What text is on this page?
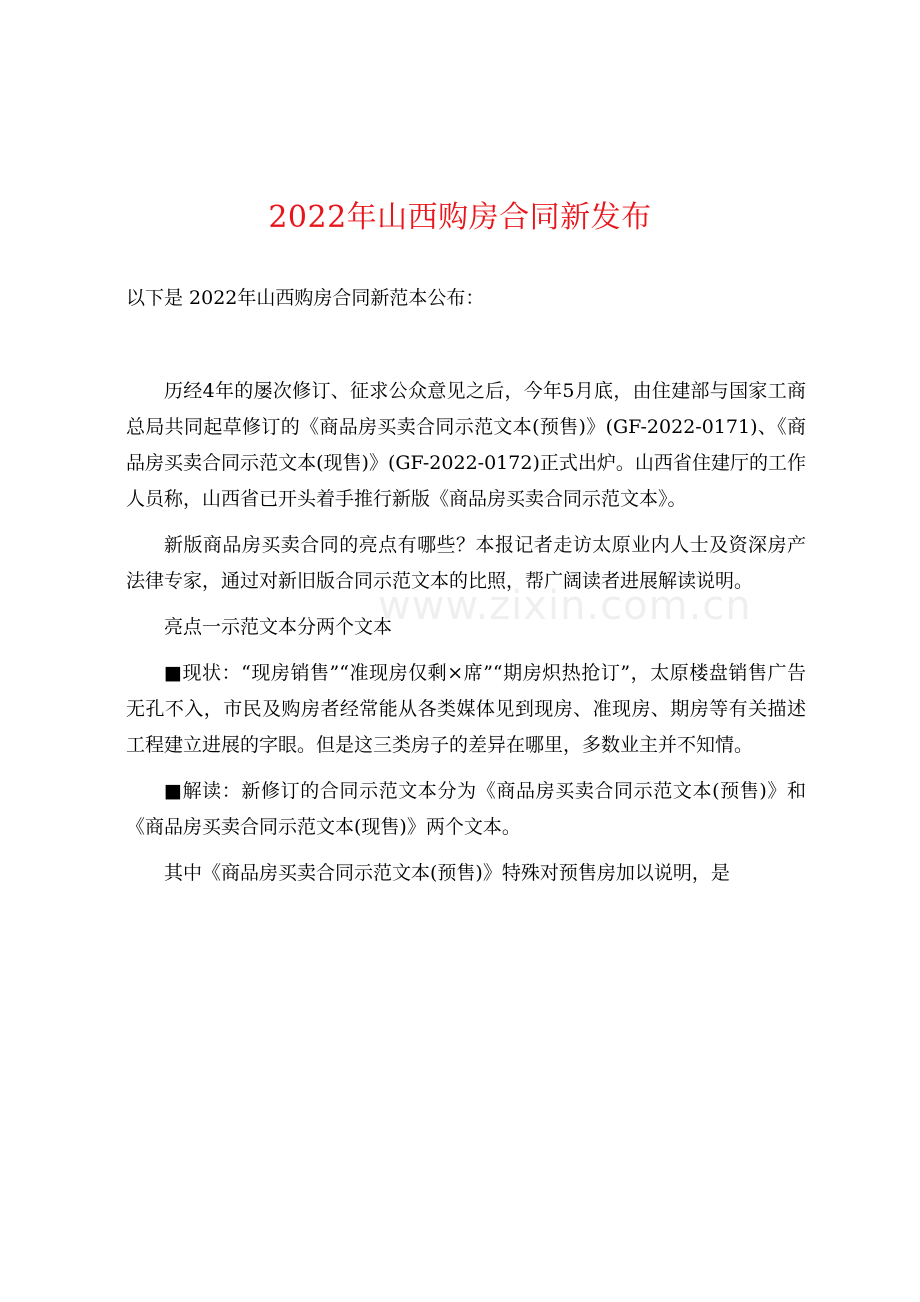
2022年山西购房合同新发布
以下是 2022年山西购房合同新范本公布：
www.zixin.com.cn

历经4年的屡次修订、征求公众意见之后，今年5月底，由住建部与国家工商总局共同起草修订的《商品房买卖合同示范文本(预售)》(GF-2022-0171)、《商品房买卖合同示范文本(现售)》(GF-2022-0172)正式出炉。山西省住建厅的工作人员称，山西省已开头着手推行新版《商品房买卖合同示范文本》。

新版商品房买卖合同的亮点有哪些？本报记者走访太原业内人士及资深房产法律专家，通过对新旧版合同示范文本的比照，帮广阔读者进展解读说明。

亮点一示范文本分两个文本

■现状：“现房销售”“准现房仅剩×席”“期房炽热抢订”，太原楼盘销售广告无孔不入，市民及购房者经常能从各类媒体见到现房、准现房、期房等有关描述工程建立进展的字眼。但是这三类房子的差异在哪里，多数业主并不知情。

■解读：新修订的合同示范文本分为《商品房买卖合同示范文本(预售)》和《商品房买卖合同示范文本(现售)》两个文本。

其中《商品房买卖合同示范文本(预售)》特殊对预售房加以说明，是
